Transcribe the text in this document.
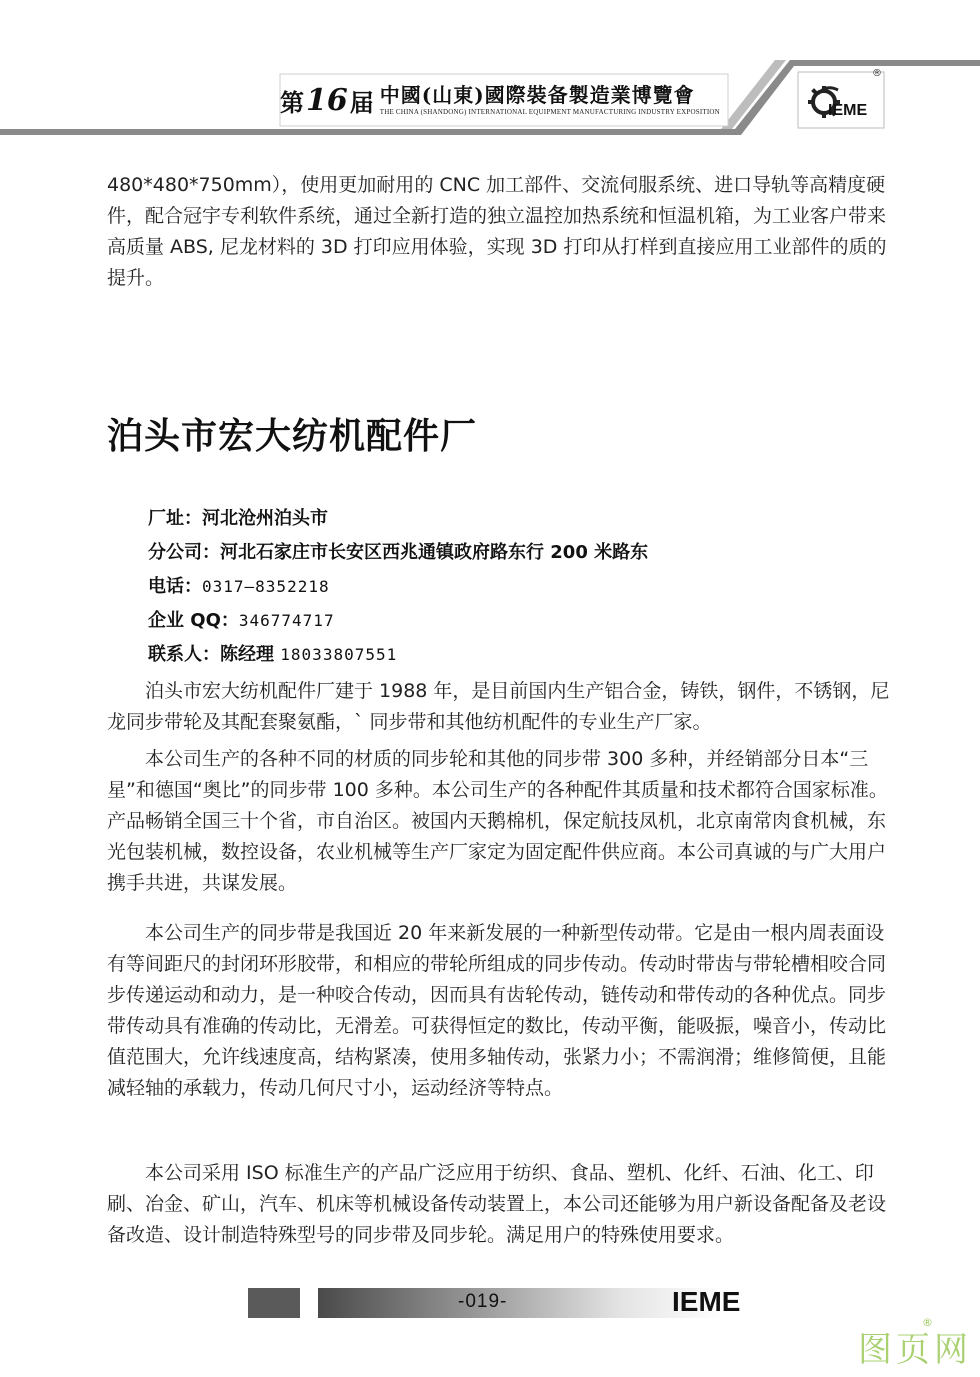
第 16 届 中國(山東)國際裝备製造業博覽會
THE CHINA (SHANDONG) INTERNATIONAL EQUIPMENT MANUFACTURING INDUSTRY EXPOSITION	IEME
®
480*480*750mm），使用更加耐用的 CNC 加工部件、交流伺服系统、进口导轨等高精度硬件，配合冠宇专利软件系统，通过全新打造的独立温控加热系统和恒温机箱，为工业客户带来高质量 ABS, 尼龙材料的 3D 打印应用体验，实现 3D 打印从打样到直接应用工业部件的质的提升。
泊头市宏大纺机配件厂
厂址：河北沧州泊头市
分公司：河北石家庄市长安区西兆通镇政府路东行 200 米路东
电话：0317—8352218
企业 QQ：346774717
联系人：陈经理 18033807551
泊头市宏大纺机配件厂建于 1988 年，是目前国内生产铝合金，铸铁，钢件，不锈钢，尼龙同步带轮及其配套聚氨酯，` 同步带和其他纺机配件的专业生产厂家。
本公司生产的各种不同的材质的同步轮和其他的同步带 300 多种，并经销部分日本“三星”和德国“奥比”的同步带 100 多种。本公司生产的各种配件其质量和技术都符合国家标准。产品畅销全国三十个省，市自治区。被国内天鹅棉机，保定航技凤机，北京南常肉食机械，东光包装机械，数控设备，农业机械等生产厂家定为固定配件供应商。本公司真诚的与广大用户携手共进，共谋发展。
本公司生产的同步带是我国近 20 年来新发展的一种新型传动带。它是由一根内周表面设有等间距尺的封闭环形胶带，和相应的带轮所组成的同步传动。传动时带齿与带轮槽相咬合同步传递运动和动力，是一种咬合传动，因而具有齿轮传动，链传动和带传动的各种优点。同步带传动具有准确的传动比，无滑差。可获得恒定的数比，传动平衡，能吸振，噪音小，传动比值范围大，允许线速度高，结构紧凑，使用多轴传动，张紧力小；不需润滑；维修简便，且能减轻轴的承载力，传动几何尺寸小，运动经济等特点。
本公司采用 ISO 标准生产的产品广泛应用于纺织、食品、塑机、化纤、石油、化工、印刷、冶金、矿山，汽车、机床等机械设备传动装置上，本公司还能够为用户新设备配备及老设备改造、设计制造特殊型号的同步带及同步轮。满足用户的特殊使用要求。
-019-	IEME
图页网
®
